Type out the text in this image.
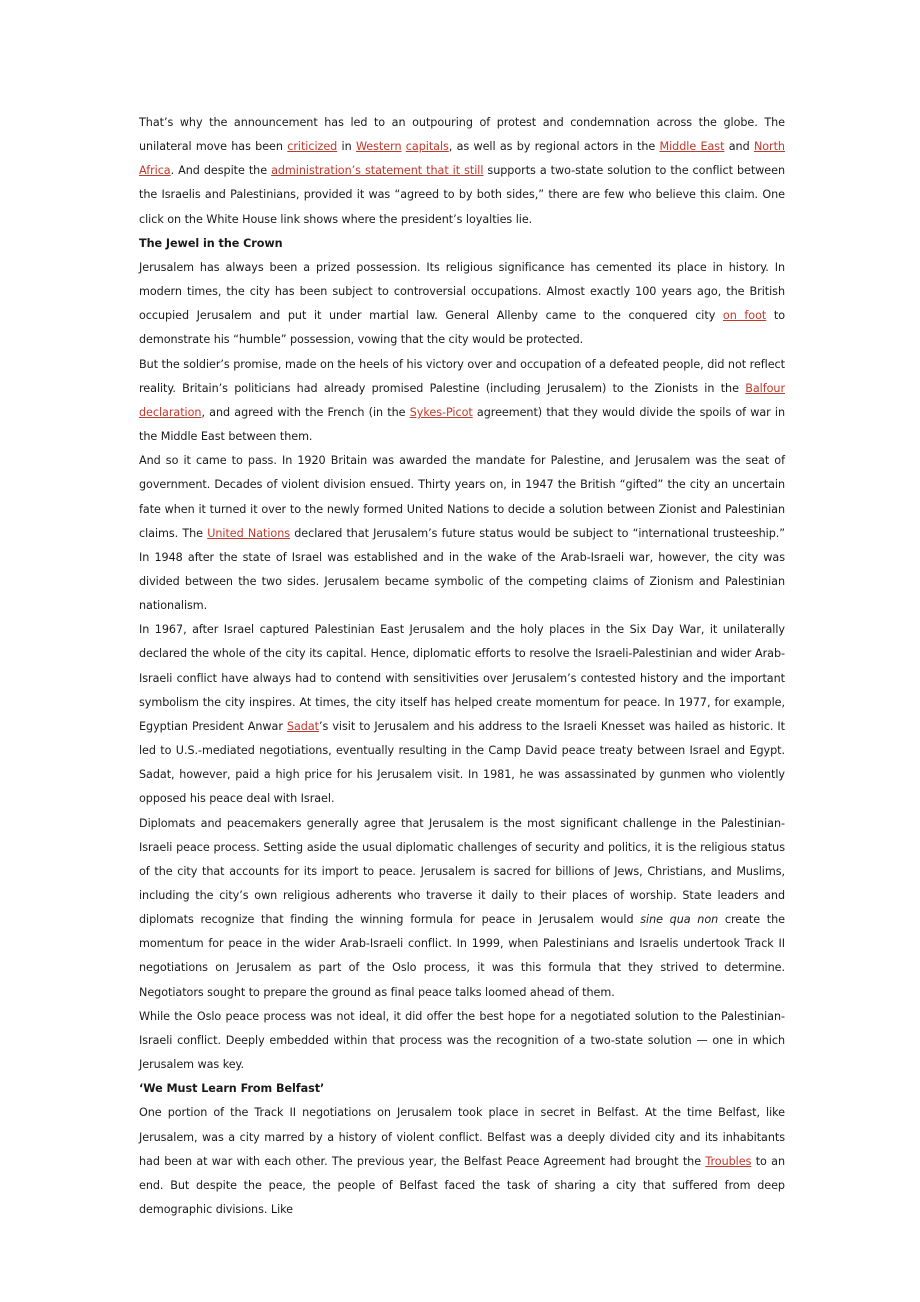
That’s why the announcement has led to an outpouring of protest and condemnation across the globe. The unilateral move has been criticized in Western capitals, as well as by regional actors in the Middle East and North Africa. And despite the administration’s statement that it still supports a two-state solution to the conflict between the Israelis and Palestinians, provided it was “agreed to by both sides,” there are few who believe this claim. One click on the White House link shows where the president’s loyalties lie.

The Jewel in the Crown

Jerusalem has always been a prized possession. Its religious significance has cemented its place in history. In modern times, the city has been subject to controversial occupations. Almost exactly 100 years ago, the British occupied Jerusalem and put it under martial law. General Allenby came to the conquered city on foot to demonstrate his “humble” possession, vowing that the city would be protected.

But the soldier’s promise, made on the heels of his victory over and occupation of a defeated people, did not reflect reality. Britain’s politicians had already promised Palestine (including Jerusalem) to the Zionists in the Balfour declaration, and agreed with the French (in the Sykes-Picot agreement) that they would divide the spoils of war in the Middle East between them.

And so it came to pass. In 1920 Britain was awarded the mandate for Palestine, and Jerusalem was the seat of government. Decades of violent division ensued. Thirty years on, in 1947 the British “gifted” the city an uncertain fate when it turned it over to the newly formed United Nations to decide a solution between Zionist and Palestinian claims. The United Nations declared that Jerusalem’s future status would be subject to “international trusteeship.” In 1948 after the state of Israel was established and in the wake of the Arab-Israeli war, however, the city was divided between the two sides. Jerusalem became symbolic of the competing claims of Zionism and Palestinian nationalism.

In 1967, after Israel captured Palestinian East Jerusalem and the holy places in the Six Day War, it unilaterally declared the whole of the city its capital. Hence, diplomatic efforts to resolve the Israeli-Palestinian and wider Arab-Israeli conflict have always had to contend with sensitivities over Jerusalem’s contested history and the important symbolism the city inspires. At times, the city itself has helped create momentum for peace. In 1977, for example, Egyptian President Anwar Sadat’s visit to Jerusalem and his address to the Israeli Knesset was hailed as historic. It led to U.S.-mediated negotiations, eventually resulting in the Camp David peace treaty between Israel and Egypt. Sadat, however, paid a high price for his Jerusalem visit. In 1981, he was assassinated by gunmen who violently opposed his peace deal with Israel.

Diplomats and peacemakers generally agree that Jerusalem is the most significant challenge in the Palestinian-Israeli peace process. Setting aside the usual diplomatic challenges of security and politics, it is the religious status of the city that accounts for its import to peace. Jerusalem is sacred for billions of Jews, Christians, and Muslims, including the city’s own religious adherents who traverse it daily to their places of worship. State leaders and diplomats recognize that finding the winning formula for peace in Jerusalem would sine qua non create the momentum for peace in the wider Arab-Israeli conflict. In 1999, when Palestinians and Israelis undertook Track II negotiations on Jerusalem as part of the Oslo process, it was this formula that they strived to determine. Negotiators sought to prepare the ground as final peace talks loomed ahead of them.

While the Oslo peace process was not ideal, it did offer the best hope for a negotiated solution to the Palestinian-Israeli conflict. Deeply embedded within that process was the recognition of a two-state solution — one in which Jerusalem was key.

‘We Must Learn From Belfast’

One portion of the Track II negotiations on Jerusalem took place in secret in Belfast. At the time Belfast, like Jerusalem, was a city marred by a history of violent conflict. Belfast was a deeply divided city and its inhabitants had been at war with each other. The previous year, the Belfast Peace Agreement had brought the Troubles to an end. But despite the peace, the people of Belfast faced the task of sharing a city that suffered from deep demographic divisions. Like
